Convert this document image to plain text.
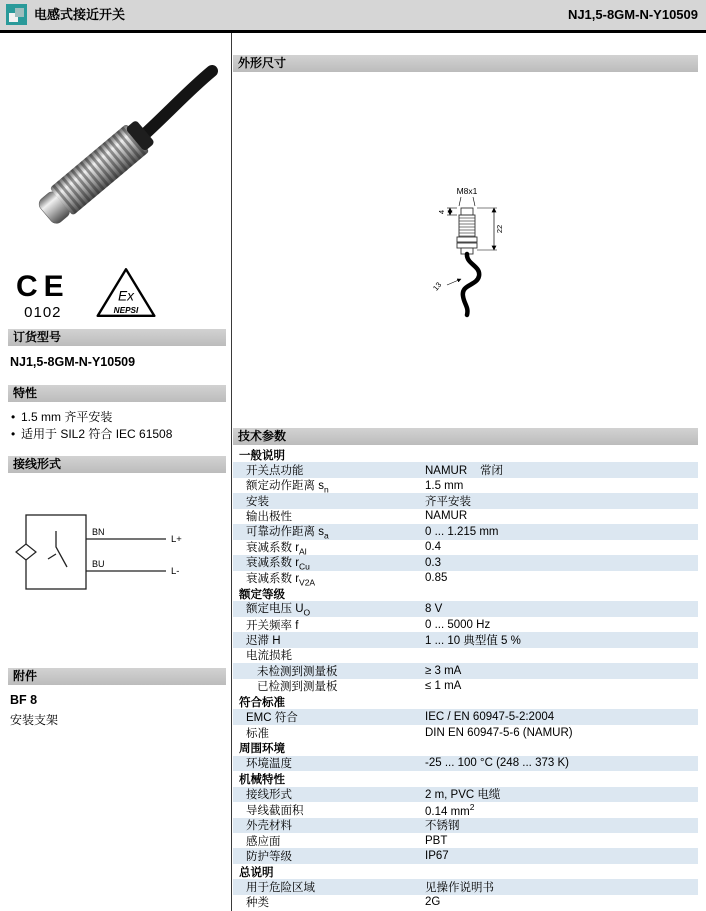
电感式接近开关	NJ1,5-8GM-N-Y10509
CE
0102
Ex
NEPSI
订货型号
NJ1,5-8GM-N-Y10509
特性
• 1.5 mm 齐平安装
• 适用于 SIL2 符合 IEC 61508
接线形式
BN
BU
L+
L-
附件
BF 8
安装支架
外形尺寸
M8x1
4
22
13
技术参数
一般说明
开关点功能	NAMUR    常闭
额定动作距离 $s_n$	1.5 mm
安装	齐平安装
输出极性	NAMUR
可靠动作距离 $s_a$	0 ... 1.215 mm
衰减系数 $r_{Al}$	0.4
衰减系数 $r_{Cu}$	0.3
衰减系数 $r_{V2A}$	0.85
额定等级
额定电压 $U_O$	8 V
开关频率 f	0 ... 5000 Hz
迟滞 H	1 ... 10 典型值 5 %
电流损耗
未检测到测量板	≥ 3 mA
已检测到测量板	≤ 1 mA
符合标准
EMC 符合	IEC / EN 60947-5-2:2004
标准	DIN EN 60947-5-6 (NAMUR)
周围环境
环境温度	-25 ... 100 °C (248 ... 373 K)
机械特性
接线形式	2 m, PVC 电缆
导线截面积	0.14 $mm^2$
外壳材料	不锈钢
感应面	PBT
防护等级	IP67
总说明
用于危险区域	见操作说明书
种类	2G
